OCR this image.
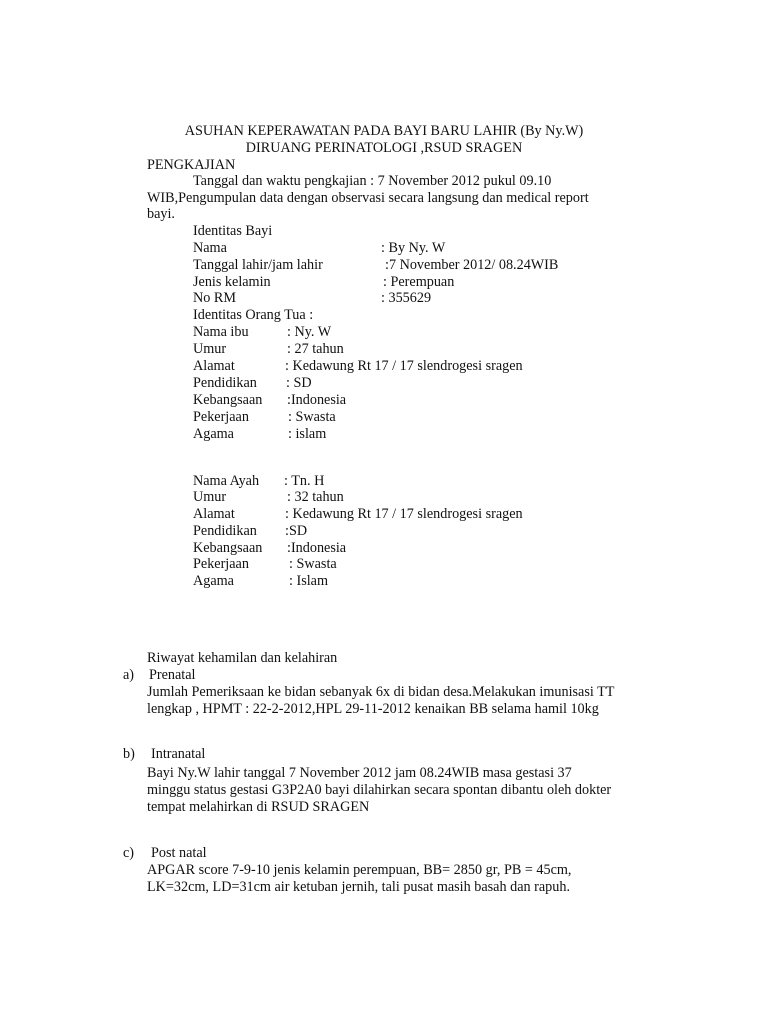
ASUHAN KEPERAWATAN PADA BAYI BARU LAHIR (By Ny.W)
DIRUANG PERINATOLOGI ,RSUD SRAGEN
PENGKAJIAN
Tanggal dan waktu pengkajian : 7 November 2012 pukul 09.10
WIB,Pengumpulan data dengan observasi secara langsung dan medical report
bayi.
Identitas Bayi
Nama	: By Ny. W
Tanggal lahir/jam lahir	:7 November 2012/ 08.24WIB
Jenis kelamin	: Perempuan
No RM	: 355629
Identitas Orang Tua :
Nama ibu	: Ny. W
Umur	: 27 tahun
Alamat	: Kedawung Rt 17 / 17 slendrogesi sragen
Pendidikan : SD
Kebangsaan :Indonesia
Pekerjaan	: Swasta
Agama	: islam
Nama Ayah : Tn. H
Umur	: 32 tahun
Alamat	: Kedawung Rt 17 / 17 slendrogesi sragen
Pendidikan :SD
Kebangsaan :Indonesia
Pekerjaan	: Swasta
Agama	: Islam
Riwayat kehamilan dan kelahiran
a) Prenatal
Jumlah Pemeriksaan ke bidan sebanyak 6x di bidan desa.Melakukan imunisasi TT
lengkap , HPMT : 22-2-2012,HPL 29-11-2012 kenaikan BB selama hamil 10kg
b) Intranatal
Bayi Ny.W lahir tanggal 7 November 2012 jam 08.24WIB masa gestasi 37
minggu status gestasi G3P2A0 bayi dilahirkan secara spontan dibantu oleh dokter
tempat melahirkan di RSUD SRAGEN
c) Post natal
APGAR score 7-9-10 jenis kelamin perempuan, BB= 2850 gr, PB = 45cm,
LK=32cm, LD=31cm air ketuban jernih, tali pusat masih basah dan rapuh.
